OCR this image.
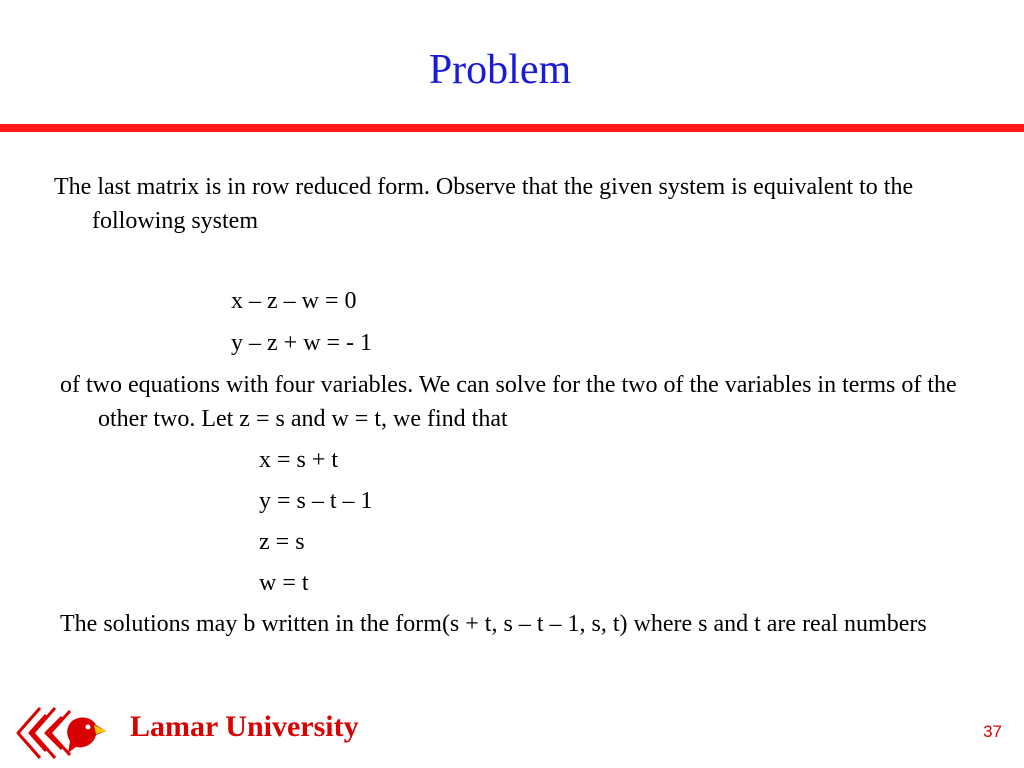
Problem

The last matrix is in row reduced form. Observe that the given system is equivalent to the following system

x – z – w = 0
y – z + w = - 1

of two equations with four variables. We can solve for the two of the variables in terms of the other two. Let z = s and w = t, we find that

x = s + t
y = s – t – 1
z = s
w = t

The solutions may b written in the form(s + t, s – t – 1, s, t) where s and t are real numbers

Lamar University	37
